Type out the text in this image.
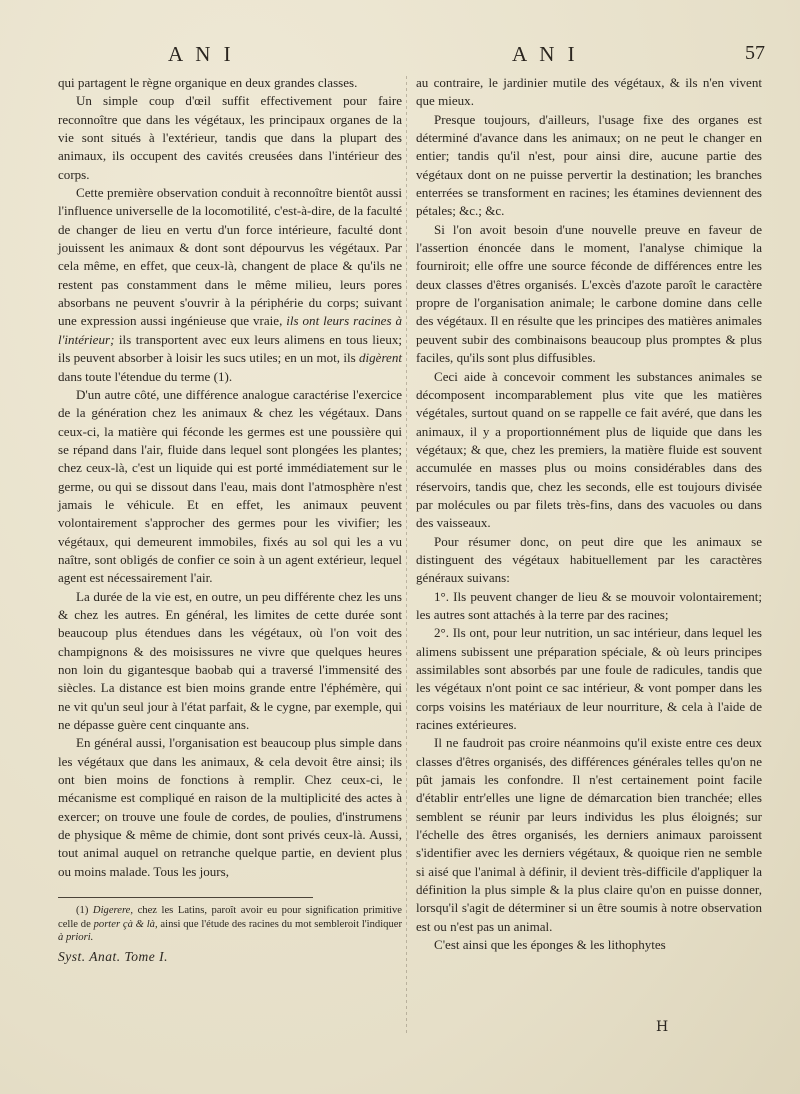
A N I	A N I	57

qui partagent le règne organique en deux grandes classes.

Un simple coup d'œil suffit effectivement pour faire reconnoître que dans les végétaux, les principaux organes de la vie sont situés à l'extérieur, tandis que dans la plupart des animaux, ils occupent des cavités creusées dans l'intérieur des corps.

Cette première observation conduit à reconnoître bientôt aussi l'influence universelle de la locomotilité, c'est-à-dire, de la faculté de changer de lieu en vertu d'un force intérieure, faculté dont jouissent les animaux & dont sont dépourvus les végétaux. Par cela même, en effet, que ceux-là, changent de place & qu'ils ne restent pas constamment dans le même milieu, leurs pores absorbans ne peuvent s'ouvrir à la périphérie du corps; suivant une expression aussi ingénieuse que vraie, ils ont leurs racines à l'intérieur; ils transportent avec eux leurs alimens en tous lieux; ils peuvent absorber à loisir les sucs utiles; en un mot, ils digèrent dans toute l'étendue du terme (1).

D'un autre côté, une différence analogue caractérise l'exercice de la génération chez les animaux & chez les végétaux. Dans ceux-ci, la matière qui féconde les germes est une poussière qui se répand dans l'air, fluide dans lequel sont plongées les plantes; chez ceux-là, c'est un liquide qui est porté immédiatement sur le germe, ou qui se dissout dans l'eau, mais dont l'atmosphère n'est jamais le véhicule. Et en effet, les animaux peuvent volontairement s'approcher des germes pour les vivifier; les végétaux, qui demeurent immobiles, fixés au sol qui les a vu naître, sont obligés de confier ce soin à un agent extérieur, lequel agent est nécessairement l'air.

La durée de la vie est, en outre, un peu différente chez les uns & chez les autres. En général, les limites de cette durée sont beaucoup plus étendues dans les végétaux, où l'on voit des champignons & des moisissures ne vivre que quelques heures non loin du gigantesque baobab qui a traversé l'immensité des siècles. La distance est bien moins grande entre l'éphémère, qui ne vit qu'un seul jour à l'état parfait, & le cygne, par exemple, qui ne dépasse guère cent cinquante ans.

En général aussi, l'organisation est beaucoup plus simple dans les végétaux que dans les animaux, & cela devoit être ainsi; ils ont bien moins de fonctions à remplir. Chez ceux-ci, le mécanisme est compliqué en raison de la multiplicité des actes à exercer; on trouve une foule de cordes, de poulies, d'instrumens de physique & même de chimie, dont sont privés ceux-là. Aussi, tout animal auquel on retranche quelque partie, en devient plus ou moins malade. Tous les jours,

(1) Digerere, chez les Latins, paroît avoir eu pour signification primitive celle de porter çà & là, ainsi que l'étude des racines du mot sembleroit l'indiquer à priori.

Syst. Anat. Tome I.

au contraire, le jardinier mutile des végétaux, & ils n'en vivent que mieux.

Presque toujours, d'ailleurs, l'usage fixe des organes est déterminé d'avance dans les animaux; on ne peut le changer en entier; tandis qu'il n'est, pour ainsi dire, aucune partie des végétaux dont on ne puisse pervertir la destination; les branches enterrées se transforment en racines; les étamines deviennent des pétales; &c.; &c.

Si l'on avoit besoin d'une nouvelle preuve en faveur de l'assertion énoncée dans le moment, l'analyse chimique la fourniroit; elle offre une source féconde de différences entre les deux classes d'êtres organisés. L'excès d'azote paroît le caractère propre de l'organisation animale; le carbone domine dans celle des végétaux. Il en résulte que les principes des matières animales peuvent subir des combinaisons beaucoup plus promptes & plus faciles, qu'ils sont plus diffusibles.

Ceci aide à concevoir comment les substances animales se décomposent incomparablement plus vite que les matières végétales, surtout quand on se rappelle ce fait avéré, que dans les animaux, il y a proportionnément plus de liquide que dans les végétaux; & que, chez les premiers, la matière fluide est souvent accumulée en masses plus ou moins considérables dans des réservoirs, tandis que, chez les seconds, elle est toujours divisée par molécules ou par filets très-fins, dans des vacuoles ou dans des vaisseaux.

Pour résumer donc, on peut dire que les animaux se distinguent des végétaux habituellement par les caractères généraux suivans:

1°. Ils peuvent changer de lieu & se mouvoir volontairement; les autres sont attachés à la terre par des racines;

2°. Ils ont, pour leur nutrition, un sac intérieur, dans lequel les alimens subissent une préparation spéciale, & où leurs principes assimilables sont absorbés par une foule de radicules, tandis que les végétaux n'ont point ce sac intérieur, & vont pomper dans les corps voisins les matériaux de leur nourriture, & cela à l'aide de racines extérieures.

Il ne faudroit pas croire néanmoins qu'il existe entre ces deux classes d'êtres organisés, des différences générales telles qu'on ne pût jamais les confondre. Il n'est certainement point facile d'établir entr'elles une ligne de démarcation bien tranchée; elles semblent se réunir par leurs individus les plus éloignés; sur l'échelle des êtres organisés, les derniers animaux paroissent s'identifier avec les derniers végétaux, & quoique rien ne semble si aisé que l'animal à définir, il devient très-difficile d'appliquer la définition la plus simple & la plus claire qu'on en puisse donner, lorsqu'il s'agit de déterminer si un être soumis à notre observation est ou n'est pas un animal.

C'est ainsi que les éponges & les lithophytes

H
